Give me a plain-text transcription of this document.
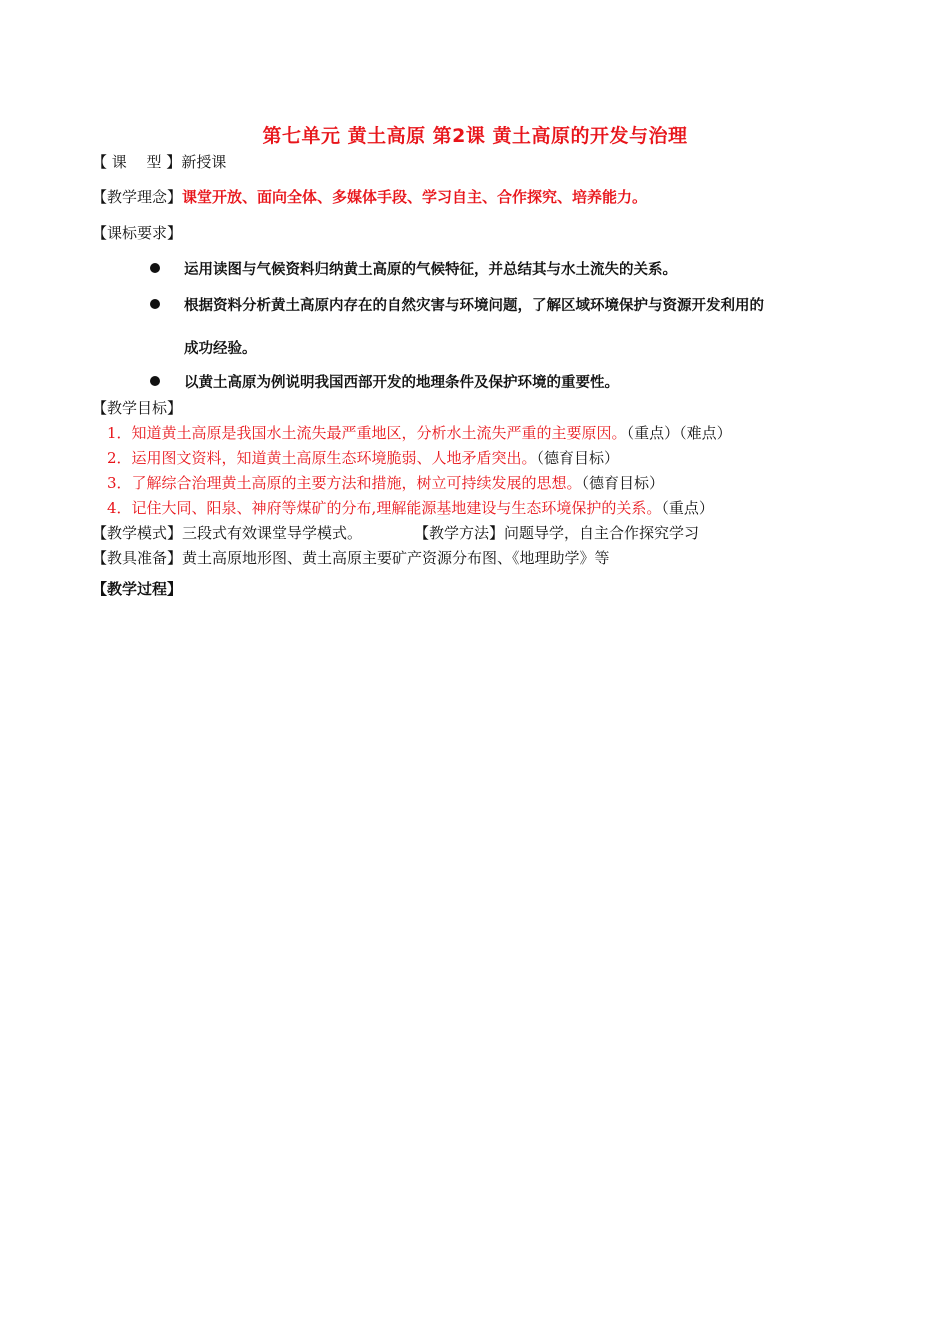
第七单元 黄土高原 第2课 黄土高原的开发与治理
【 课　 型 】新授课
【教学理念】课堂开放、面向全体、多媒体手段、学习自主、合作探究、培养能力。
【课标要求】
运用读图与气候资料归纳黄土高原的气候特征，并总结其与水土流失的关系。
根据资料分析黄土高原内存在的自然灾害与环境问题，了解区域环境保护与资源开发利用的
成功经验。
以黄土高原为例说明我国西部开发的地理条件及保护环境的重要性。
【教学目标】
1．知道黄土高原是我国水土流失最严重地区，分析水土流失严重的主要原因。（重点）（难点）
2．运用图文资料，知道黄土高原生态环境脆弱、人地矛盾突出。（德育目标）
3．了解综合治理黄土高原的主要方法和措施，树立可持续发展的思想。（德育目标）
4．记住大同、阳泉、神府等煤矿的分布,理解能源基地建设与生态环境保护的关系。（重点）
【教学模式】三段式有效课堂导学模式。	【教学方法】问题导学，自主合作探究学习
【教具准备】黄土高原地形图、黄土高原主要矿产资源分布图、《地理助学》等
【教学过程】
